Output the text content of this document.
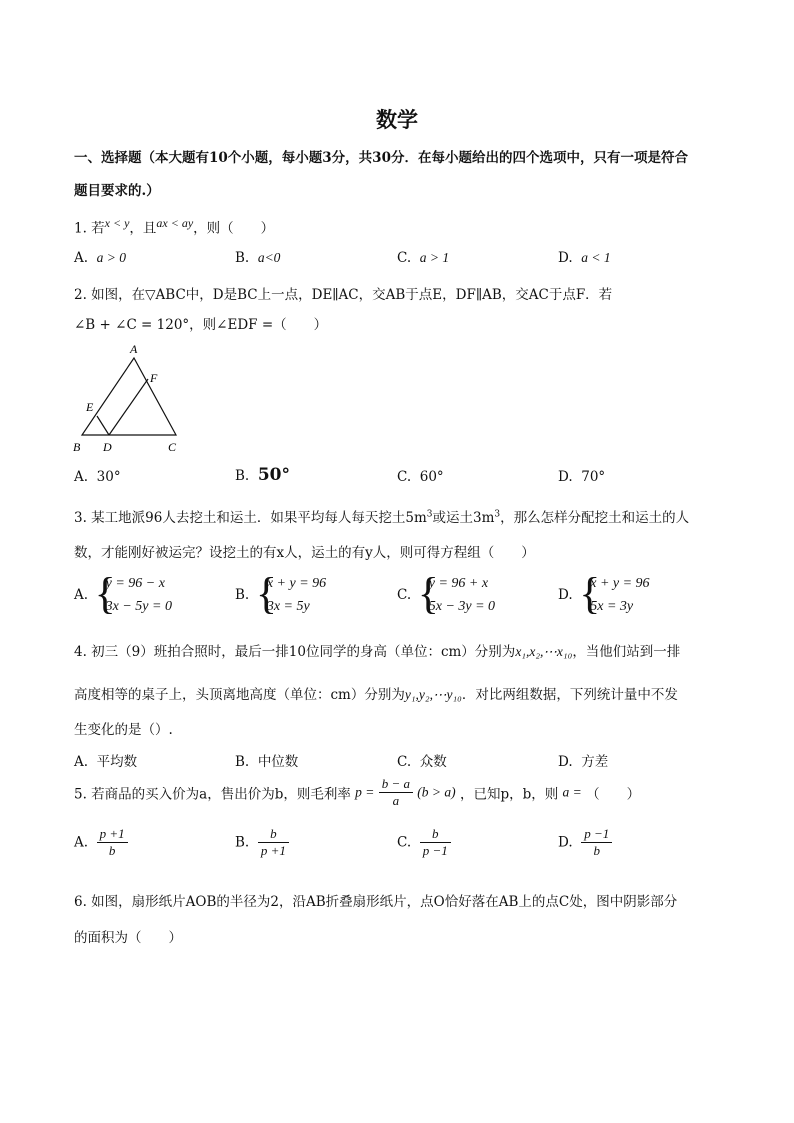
数学
一、选择题（本大题有10个小题，每小题3分，共30分．在每小题给出的四个选项中，只有一项是符合
题目要求的.）
1. 若$^{x < y}$，且$^{ax < ay}$，则（　　）
A. a > 0	B. a<0	C. a > 1	D. a < 1
2. 如图，在▽ABC中，D是BC上一点，DE∥AC，交AB于点E，DF∥AB，交AC于点F．若
∠B + ∠C = 120°，则∠EDF =（　　）
A
F
E
B D	C
A. 30°	B. 50°	C. 60°	D. 70°
3. 某工地派96人去挖土和运土．如果平均每人每天挖土$5m^3$或运土$3m^3$，那么怎样分配挖土和运土的人
数，才能刚好被运完？设挖土的有x人，运土的有y人，则可得方程组（　　）
A. {
y = 96 − x
3x − 5y = 0
B. {
x + y = 96
3x = 5y
C. {
y = 96 + x
5x − 3y = 0
D. {
x + y = 96
5x = 3y
4. 初三（9）班拍合照时，最后一排10位同学的身高（单位：cm）分别为x₁,x₂,⋯x₁₀，当他们站到一排
高度相等的桌子上，头顶离地高度（单位：cm）分别为y₁,y₂,⋯y₁₀．对比两组数据，下列统计量中不发
生变化的是（）.
A. 平均数	B. 中位数	C. 众数	D. 方差
5. 若商品的买入价为a，售出价为b，则毛利率 $p = \frac{b - a}{a} (b > a)$ ，已知p，b，则 a = （　　）
A. $\frac{p +1}{b}$	B. $\frac{b}{p +1}$	C. $\frac{b}{p -1}$	D. $\frac{p -1}{b}$
6. 如图，扇形纸片AOB的半径为2，沿AB折叠扇形纸片，点O恰好落在AB上的点C处，图中阴影部分
的面积为（　　）
